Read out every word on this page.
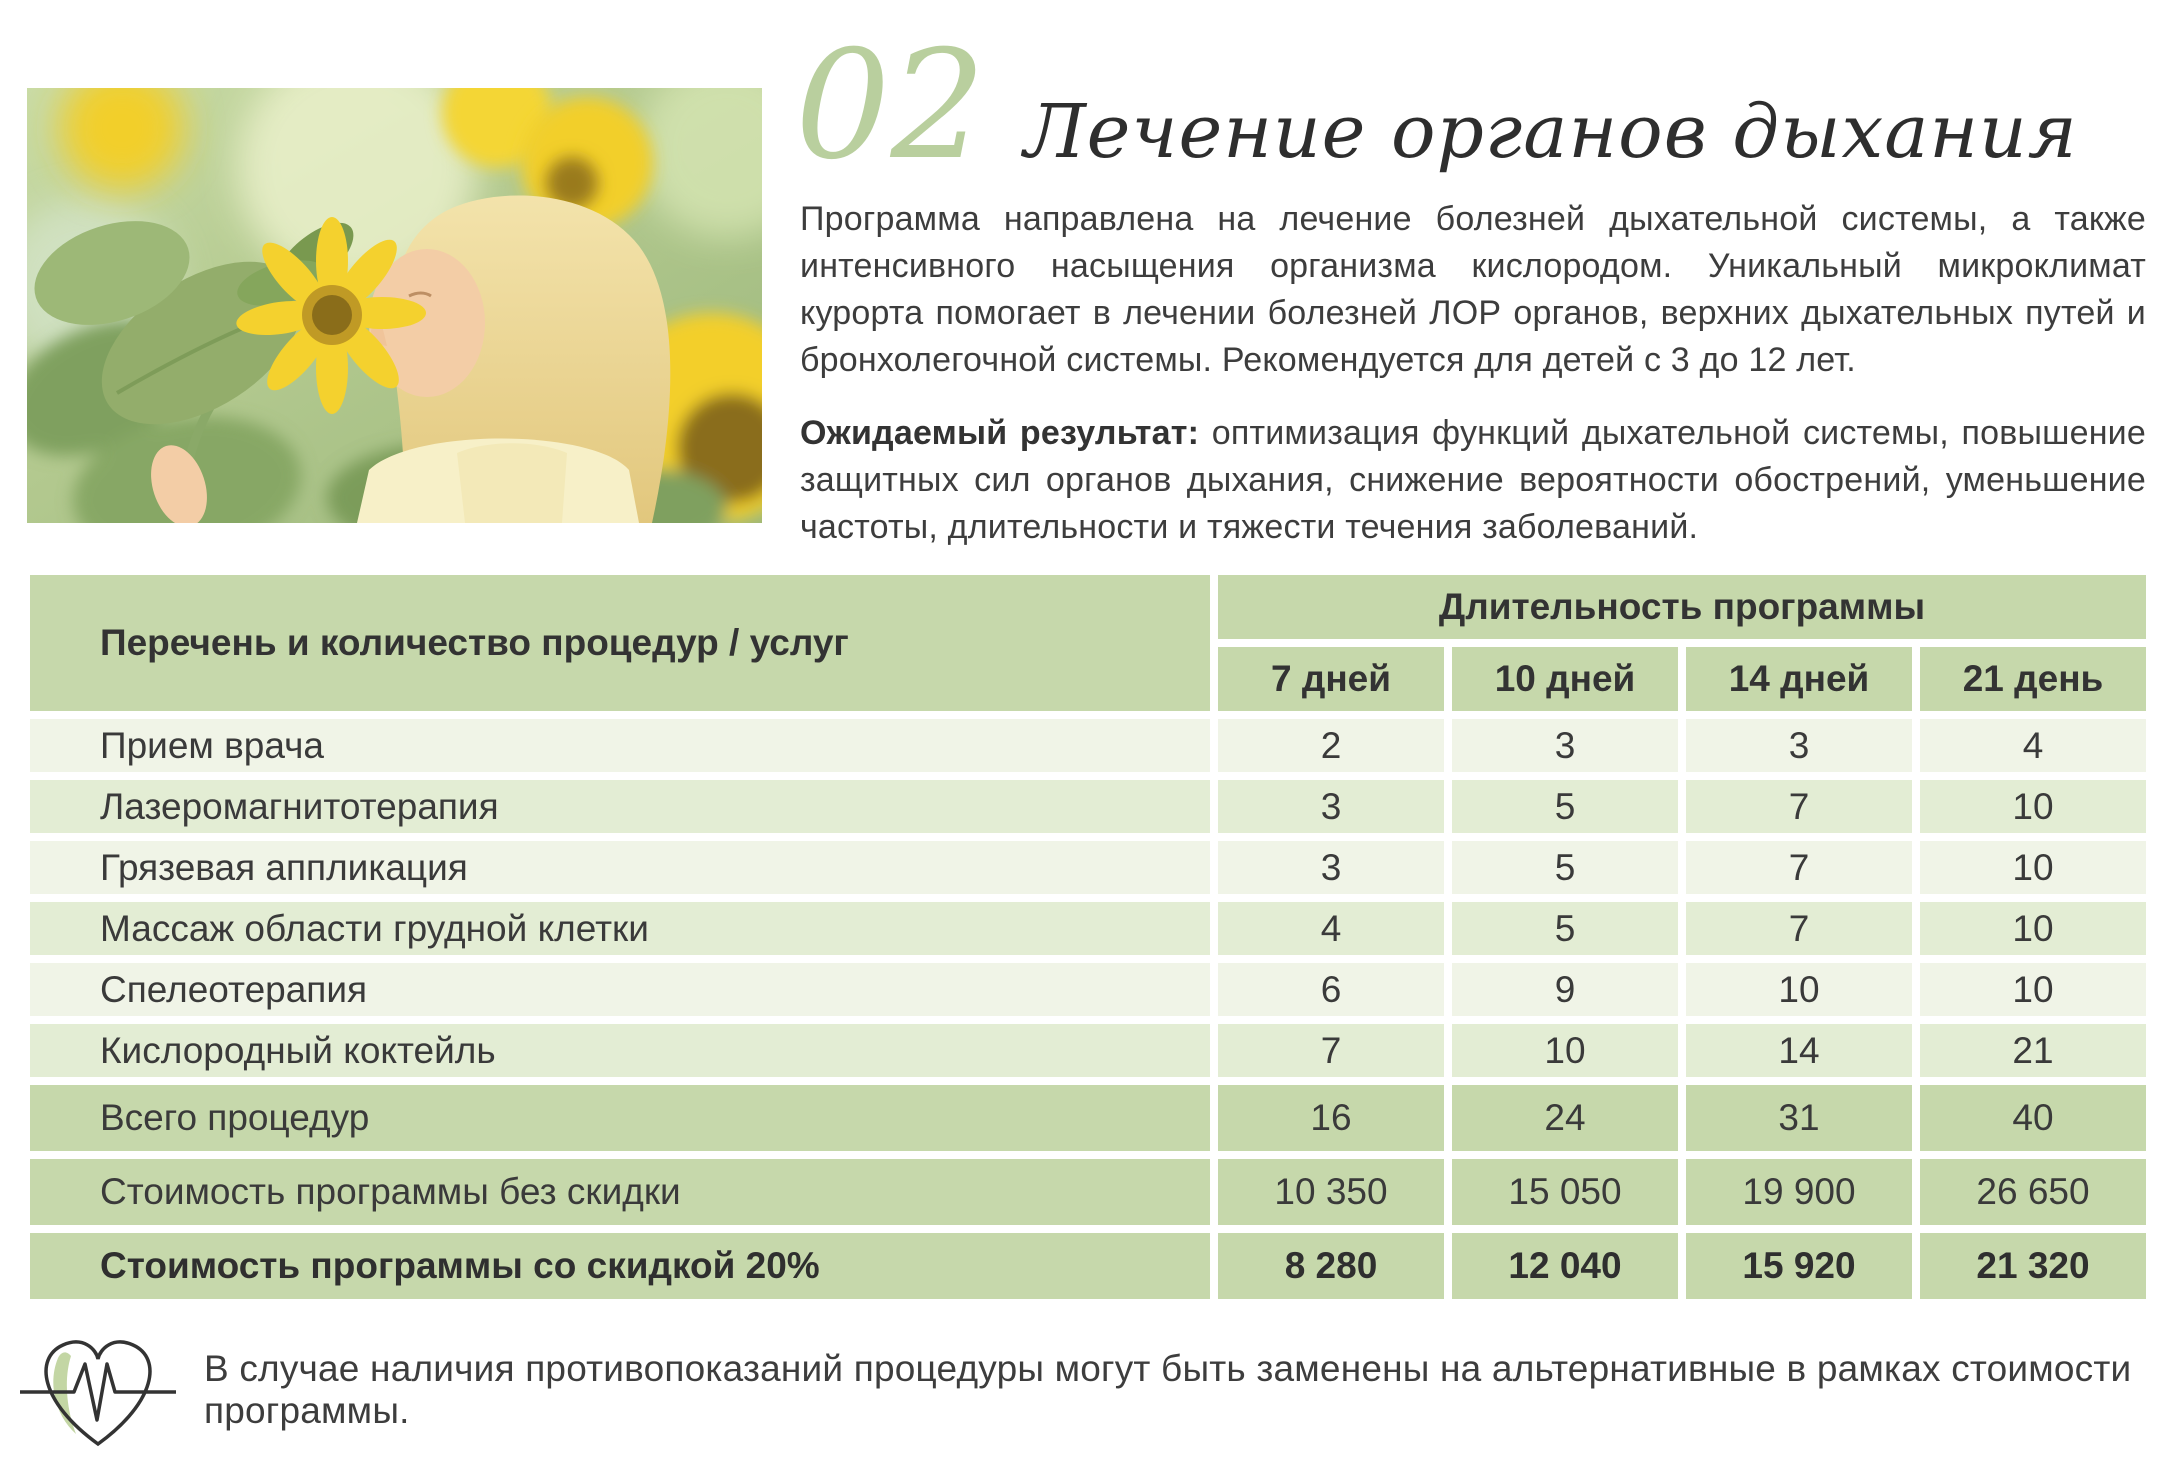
02 Лечение органов дыхания
Программа направлена на лечение болезней дыхательной системы, а также интенсивного насыщения организма кислородом. Уникальный микроклимат курорта помогает в лечении болезней ЛОР органов, верхних дыхательных путей и бронхолегочной системы. Рекомендуется для детей с 3 до 12 лет.
Ожидаемый результат: оптимизация функций дыхательной системы, повышение защитных сил органов дыхания, снижение вероятности обострений, уменьшение частоты, длительности и тяжести течения заболеваний.
Перечень и количество процедур / услуг
Длительность программы
7 дней	10 дней	14 дней	21 день
Прием врача	2	3	3	4
Лазеромагнитотерапия	3	5	7	10
Грязевая аппликация	3	5	7	10
Массаж области грудной клетки	4	5	7	10
Спелеотерапия	6	9	10	10
Кислородный коктейль	7	10	14	21
Всего процедур	16	24	31	40
Стоимость программы без скидки	10 350	15 050	19 900	26 650
Стоимость программы со скидкой 20%	8 280	12 040	15 920	21 320
В случае наличия противопоказаний процедуры могут быть заменены на альтернативные в рамках стоимости программы.
